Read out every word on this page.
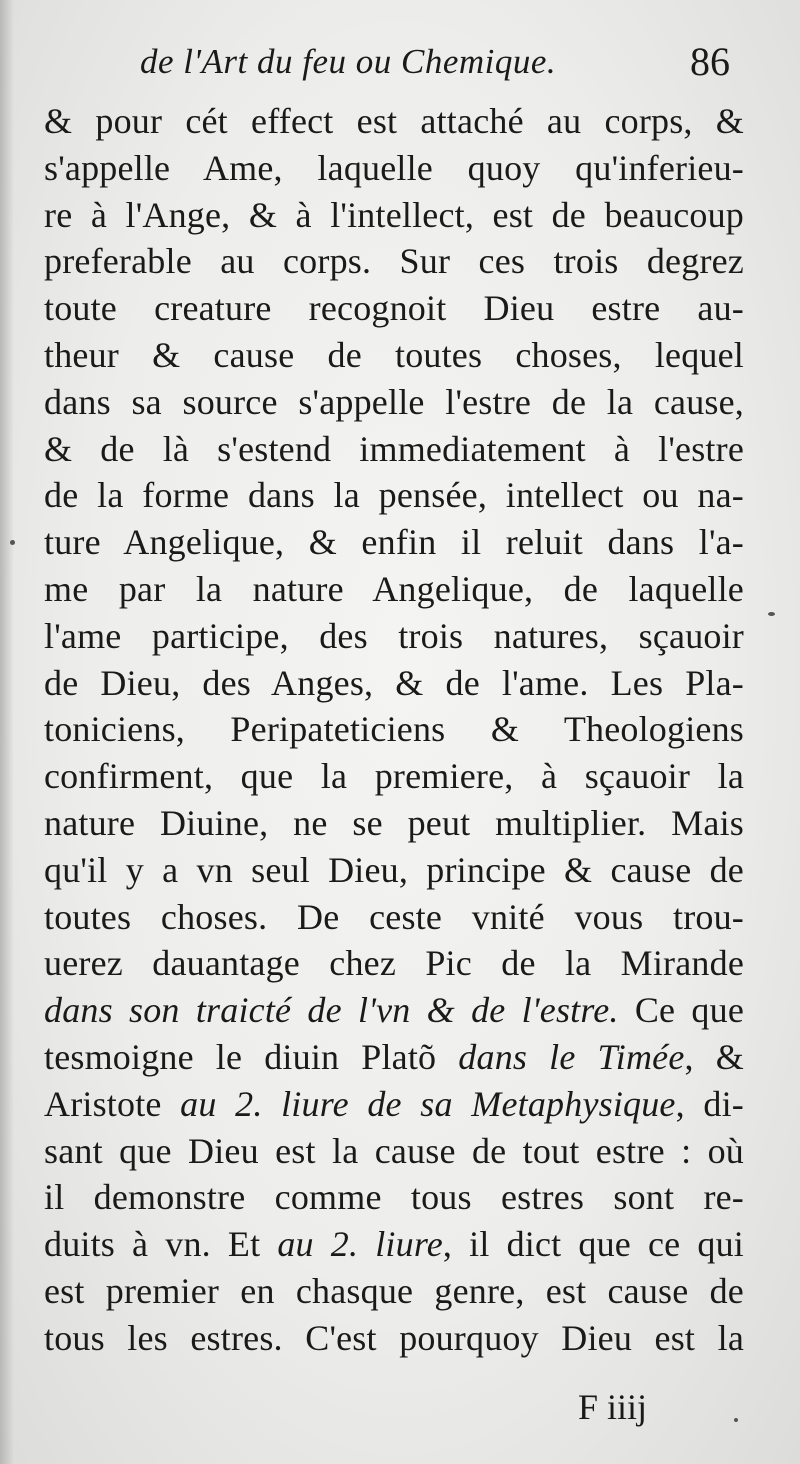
de l'Art du feu ou Chemique.	86
& pour cét effect est attaché au corps, &
s'appelle Ame, laquelle quoy qu'inferieu-
re à l'Ange, & à l'intellect, est de beaucoup
preferable au corps. Sur ces trois degrez
toute creature recognoit Dieu estre au-
theur & cause de toutes choses, lequel
dans sa source s'appelle l'estre de la cause,
& de là s'estend immediatement à l'estre
de la forme dans la pensée, intellect ou na-
ture Angelique, & enfin il reluit dans l'a-
me par la nature Angelique, de laquelle
l'ame participe, des trois natures, sçauoir
de Dieu, des Anges, & de l'ame. Les Pla-
toniciens, Peripateticiens & Theologiens
confirment, que la premiere, à sçauoir la
nature Diuine, ne se peut multiplier. Mais
qu'il y a vn seul Dieu, principe & cause de
toutes choses. De ceste vnité vous trou-
uerez dauantage chez Pic de la Mirande
dans son traicté de l'vn & de l'estre. Ce que
tesmoigne le diuin Platõ dans le Timée, &
Aristote au 2. liure de sa Metaphysique, di-
sant que Dieu est la cause de tout estre : où
il demonstre comme tous estres sont re-
duits à vn. Et au 2. liure, il dict que ce qui
est premier en chasque genre, est cause de
tous les estres. C'est pourquoy Dieu est la
F iiij
